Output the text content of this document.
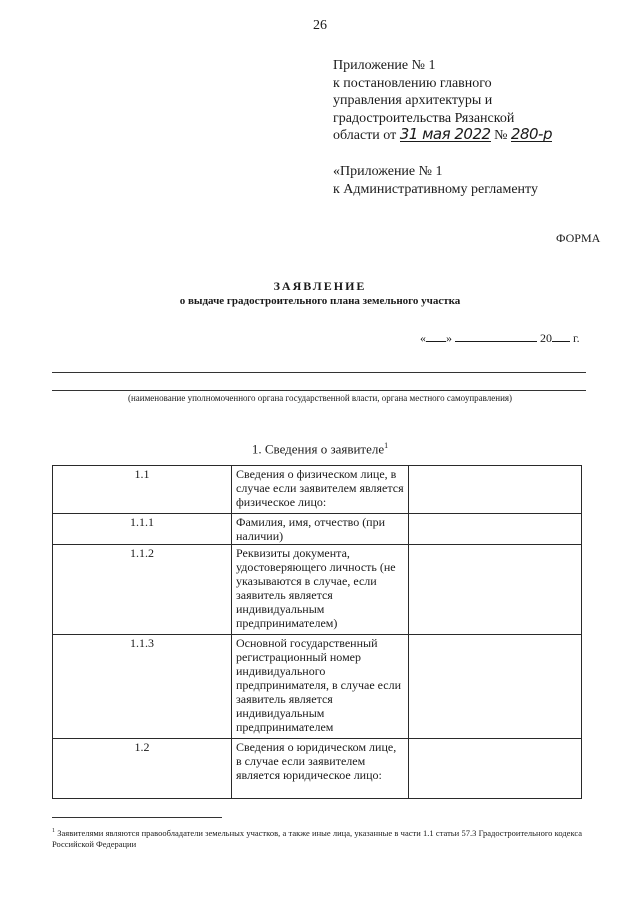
26
Приложение № 1
к постановлению главного
управления архитектуры и
градостроительства Рязанской
области от 31 мая 2022 № 280-р
«Приложение № 1
к Административному регламенту
ФОРМА
ЗАЯВЛЕНИЕ
о выдаче градостроительного плана земельного участка
« »	20 г.
(наименование уполномоченного органа государственной власти, органа местного самоуправления)
1. Сведения о заявителе$^1$
1.1	Сведения о физическом лице, в случае если заявителем является физическое лицо:	
1.1.1	Фамилия, имя, отчество (при наличии)	
1.1.2	Реквизиты документа, удостоверяющего личность (не указываются в случае, если заявитель является индивидуальным предпринимателем)	
1.1.3	Основной государственный регистрационный номер индивидуального предпринимателя, в случае если заявитель является индивидуальным предпринимателем	
1.2	Сведения о юридическом лице, в случае если заявителем является юридическое лицо:	
$^1$ Заявителями являются правообладатели земельных участков, а также иные лица, указанные в части 1.1 статьи 57.3 Градостроительного кодекса Российской Федерации
